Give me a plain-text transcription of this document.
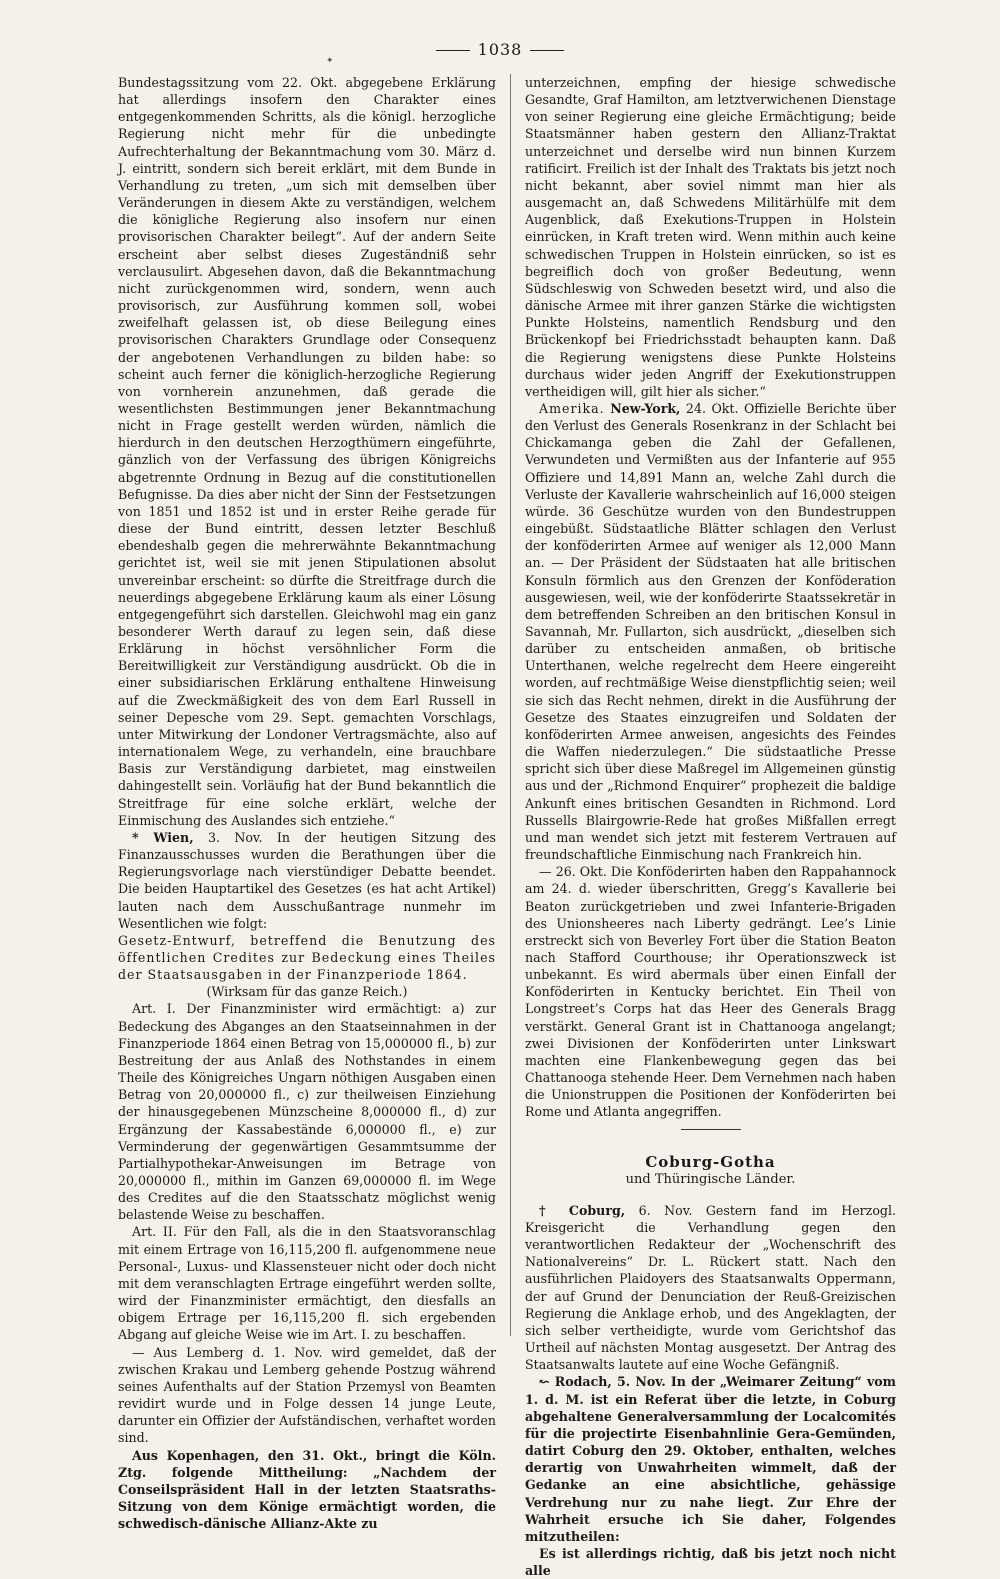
1038
✦

Bundestagssitzung vom 22. Okt. abgegebene Erklärung hat allerdings insofern den Charakter eines entgegenkommenden Schritts, als die königl. herzogliche Regierung nicht mehr für die unbedingte Aufrechterhaltung der Bekanntmachung vom 30. März d. J. eintritt, sondern sich bereit erklärt, mit dem Bunde in Verhandlung zu treten, „um sich mit demselben über Veränderungen in diesem Akte zu verständigen, welchem die königliche Regierung also insofern nur einen provisorischen Charakter beilegt“. Auf der andern Seite erscheint aber selbst dieses Zugeständniß sehr verclausulirt. Abgesehen davon, daß die Bekanntmachung nicht zurückgenommen wird, sondern, wenn auch provisorisch, zur Ausführung kommen soll, wobei zweifelhaft gelassen ist, ob diese Beilegung eines provisorischen Charakters Grundlage oder Consequenz der angebotenen Verhandlungen zu bilden habe: so scheint auch ferner die königlich-herzogliche Regierung von vornherein anzunehmen, daß gerade die wesentlichsten Bestimmungen jener Bekanntmachung nicht in Frage gestellt werden würden, nämlich die hierdurch in den deutschen Herzogthümern eingeführte, gänzlich von der Verfassung des übrigen Königreichs abgetrennte Ordnung in Bezug auf die constitutionellen Befugnisse. Da dies aber nicht der Sinn der Festsetzungen von 1851 und 1852 ist und in erster Reihe gerade für diese der Bund eintritt, dessen letzter Beschluß ebendeshalb gegen die mehrerwähnte Bekanntmachung gerichtet ist, weil sie mit jenen Stipulationen absolut unvereinbar erscheint: so dürfte die Streitfrage durch die neuerdings abgegebene Erklärung kaum als einer Lösung entgegengeführt sich darstellen. Gleichwohl mag ein ganz besonderer Werth darauf zu legen sein, daß diese Erklärung in höchst versöhnlicher Form die Bereitwilligkeit zur Verständigung ausdrückt. Ob die in einer subsidiarischen Erklärung enthaltene Hinweisung auf die Zweckmäßigkeit des von dem Earl Russell in seiner Depesche vom 29. Sept. gemachten Vorschlags, unter Mitwirkung der Londoner Vertragsmächte, also auf internationalem Wege, zu verhandeln, eine brauchbare Basis zur Verständigung darbietet, mag einstweilen dahingestellt sein. Vorläufig hat der Bund bekanntlich die Streitfrage für eine solche erklärt, welche der Einmischung des Auslandes sich entziehe.“

* Wien, 3. Nov. In der heutigen Sitzung des Finanzausschusses wurden die Berathungen über die Regierungsvorlage nach vierstündiger Debatte beendet. Die beiden Hauptartikel des Gesetzes (es hat acht Artikel) lauten nach dem Ausschußantrage nunmehr im Wesentlichen wie folgt:

Gesetz-Entwurf, betreffend die Benutzung des öffentlichen Credites zur Bedeckung eines Theiles der Staatsausgaben in der Finanzperiode 1864.

(Wirksam für das ganze Reich.)

Art. I. Der Finanzminister wird ermächtigt: a) zur Bedeckung des Abganges an den Staatseinnahmen in der Finanzperiode 1864 einen Betrag von 15,000000 fl., b) zur Bestreitung der aus Anlaß des Nothstandes in einem Theile des Königreiches Ungarn nöthigen Ausgaben einen Betrag von 20,000000 fl., c) zur theilweisen Einziehung der hinausgegebenen Münzscheine 8,000000 fl., d) zur Ergänzung der Kassabestände 6,000000 fl., e) zur Verminderung der gegenwärtigen Gesammtsumme der Partialhypothekar-Anweisungen im Betrage von 20,000000 fl., mithin im Ganzen 69,000000 fl. im Wege des Credites auf die den Staatsschatz möglichst wenig belastende Weise zu beschaffen.

Art. II. Für den Fall, als die in den Staatsvoranschlag mit einem Ertrage von 16,115,200 fl. aufgenommene neue Personal-, Luxus- und Klassensteuer nicht oder doch nicht mit dem veranschlagten Ertrage eingeführt werden sollte, wird der Finanzminister ermächtigt, den diesfalls an obigem Ertrage per 16,115,200 fl. sich ergebenden Abgang auf gleiche Weise wie im Art. I. zu beschaffen.

— Aus Lemberg d. 1. Nov. wird gemeldet, daß der zwischen Krakau und Lemberg gehende Postzug während seines Aufenthalts auf der Station Przemysl von Beamten revidirt wurde und in Folge dessen 14 junge Leute, darunter ein Offizier der Aufständischen, verhaftet worden sind.

Aus Kopenhagen, den 31. Okt., bringt die Köln. Ztg. folgende Mittheilung: „Nachdem der Conseilspräsident Hall in der letzten Staatsraths-Sitzung von dem Könige ermächtigt worden, die schwedisch-dänische Allianz-Akte zu

unterzeichnen, empfing der hiesige schwedische Gesandte, Graf Hamilton, am letztverwichenen Dienstage von seiner Regierung eine gleiche Ermächtigung; beide Staatsmänner haben gestern den Allianz-Traktat unterzeichnet und derselbe wird nun binnen Kurzem ratificirt. Freilich ist der Inhalt des Traktats bis jetzt noch nicht bekannt, aber soviel nimmt man hier als ausgemacht an, daß Schwedens Militärhülfe mit dem Augenblick, daß Exekutions-Truppen in Holstein einrücken, in Kraft treten wird. Wenn mithin auch keine schwedischen Truppen in Holstein einrücken, so ist es begreiflich doch von großer Bedeutung, wenn Südschleswig von Schweden besetzt wird, und also die dänische Armee mit ihrer ganzen Stärke die wichtigsten Punkte Holsteins, namentlich Rendsburg und den Brückenkopf bei Friedrichsstadt behaupten kann. Daß die Regierung wenigstens diese Punkte Holsteins durchaus wider jeden Angriff der Exekutionstruppen vertheidigen will, gilt hier als sicher.“

Amerika. New-York, 24. Okt. Offizielle Berichte über den Verlust des Generals Rosenkranz in der Schlacht bei Chickamanga geben die Zahl der Gefallenen, Verwundeten und Vermißten aus der Infanterie auf 955 Offiziere und 14,891 Mann an, welche Zahl durch die Verluste der Kavallerie wahrscheinlich auf 16,000 steigen würde. 36 Geschütze wurden von den Bundestruppen eingebüßt. Südstaatliche Blätter schlagen den Verlust der konföderirten Armee auf weniger als 12,000 Mann an. — Der Präsident der Südstaaten hat alle britischen Konsuln förmlich aus den Grenzen der Konföderation ausgewiesen, weil, wie der konföderirte Staatssekretär in dem betreffenden Schreiben an den britischen Konsul in Savannah, Mr. Fullarton, sich ausdrückt, „dieselben sich darüber zu entscheiden anmaßen, ob britische Unterthanen, welche regelrecht dem Heere eingereiht worden, auf rechtmäßige Weise dienstpflichtig seien; weil sie sich das Recht nehmen, direkt in die Ausführung der Gesetze des Staates einzugreifen und Soldaten der konföderirten Armee anweisen, angesichts des Feindes die Waffen niederzulegen.“ Die südstaatliche Presse spricht sich über diese Maßregel im Allgemeinen günstig aus und der „Richmond Enquirer“ prophezeit die baldige Ankunft eines britischen Gesandten in Richmond. Lord Russells Blairgowrie-Rede hat großes Mißfallen erregt und man wendet sich jetzt mit festerem Vertrauen auf freundschaftliche Einmischung nach Frankreich hin.

— 26. Okt. Die Konföderirten haben den Rappahannock am 24. d. wieder überschritten, Gregg’s Kavallerie bei Beaton zurückgetrieben und zwei Infanterie-Brigaden des Unionsheeres nach Liberty gedrängt. Lee’s Linie erstreckt sich von Beverley Fort über die Station Beaton nach Stafford Courthouse; ihr Operationszweck ist unbekannt. Es wird abermals über einen Einfall der Konföderirten in Kentucky berichtet. Ein Theil von Longstreet’s Corps hat das Heer des Generals Bragg verstärkt. General Grant ist in Chattanooga angelangt; zwei Divisionen der Konföderirten unter Linkswart machten eine Flankenbewegung gegen das bei Chattanooga stehende Heer. Dem Vernehmen nach haben die Unionstruppen die Positionen der Konföderirten bei Rome und Atlanta angegriffen.

Coburg-Gotha

und Thüringische Länder.

† Coburg, 6. Nov. Gestern fand im Herzogl. Kreisgericht die Verhandlung gegen den verantwortlichen Redakteur der „Wochenschrift des Nationalvereins“ Dr. L. Rückert statt. Nach den ausführlichen Plaidoyers des Staatsanwalts Oppermann, der auf Grund der Denunciation der Reuß-Greizischen Regierung die Anklage erhob, und des Angeklagten, der sich selber vertheidigte, wurde vom Gerichtshof das Urtheil auf nächsten Montag ausgesetzt. Der Antrag des Staatsanwalts lautete auf eine Woche Gefängniß.

↜ Rodach, 5. Nov. In der „Weimarer Zeitung“ vom 1. d. M. ist ein Referat über die letzte, in Coburg abgehaltene Generalversammlung der Localcomités für die projectirte Eisenbahnlinie Gera-Gemünden, datirt Coburg den 29. Oktober, enthalten, welches derartig von Unwahrheiten wimmelt, daß der Gedanke an eine absichtliche, gehässige Verdrehung nur zu nahe liegt. Zur Ehre der Wahrheit ersuche ich Sie daher, Folgendes mitzutheilen:

Es ist allerdings richtig, daß bis jetzt noch nicht alle
